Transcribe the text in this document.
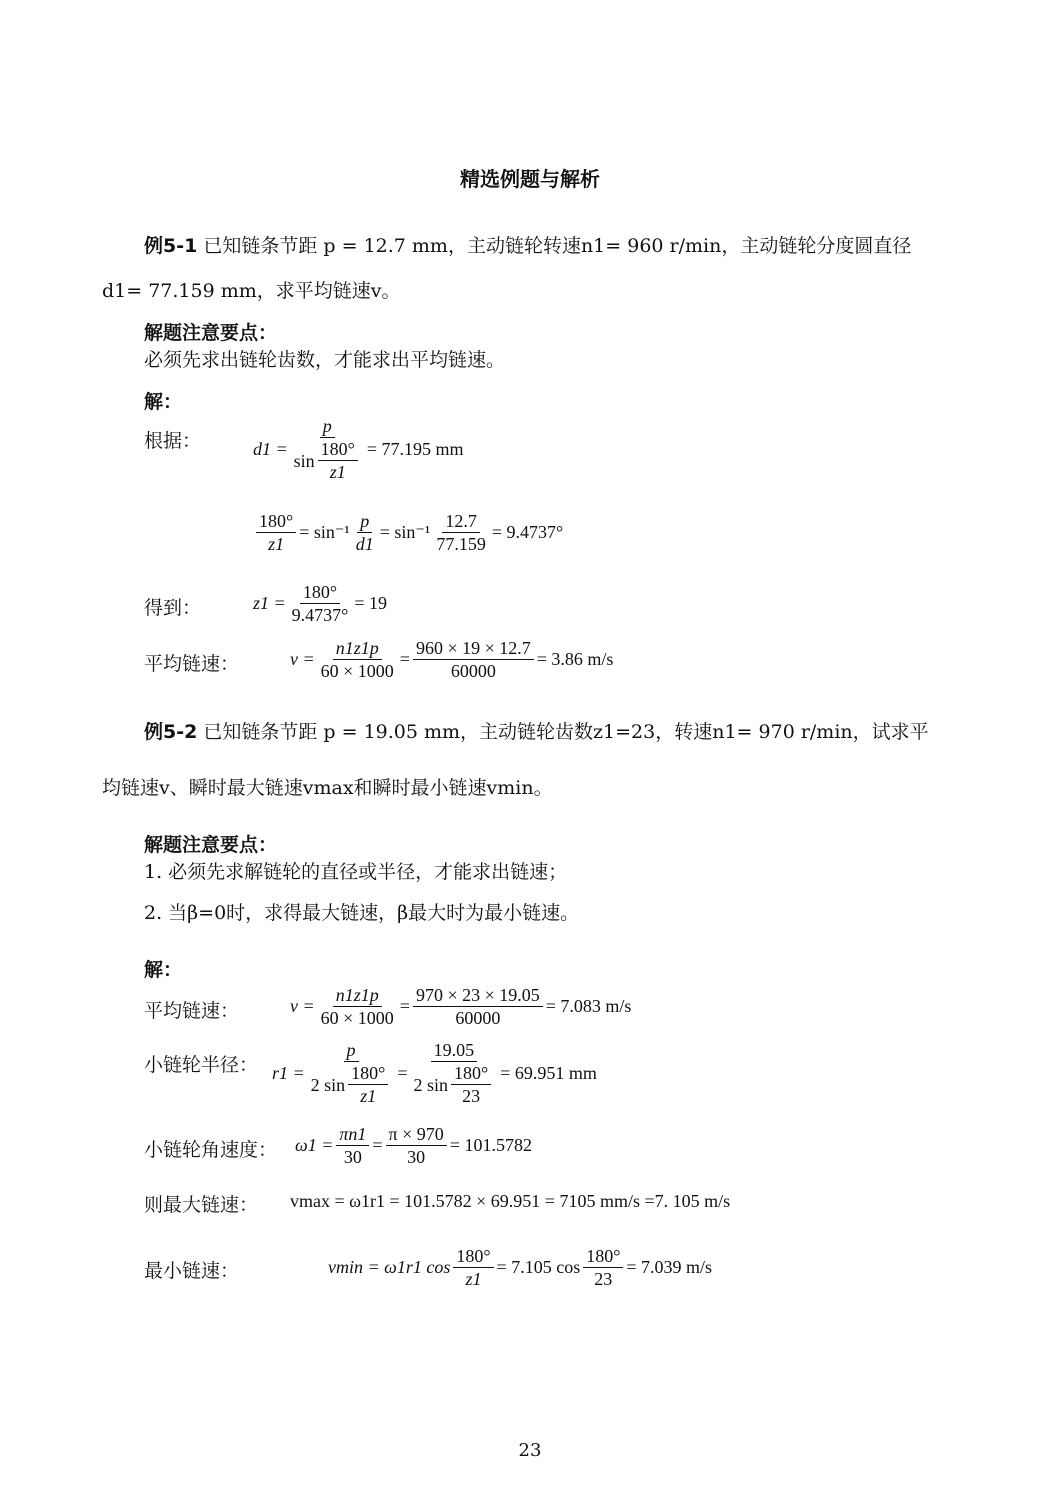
精选例题与解析
例5-1 已知链条节距 p = 12.7 mm，主动链轮转速n1= 960 r/min，主动链轮分度圆直径
d1= 77.159 mm，求平均链速v。
解题注意要点：
必须先求出链轮齿数，才能求出平均链速。
解：
根据：	$d1 = \frac{p}{\sin \frac{180^\circ}{z1}} = 77.195$ mm
$\frac{180^\circ}{z1} = \sin^{-1} \frac{p}{d1} = \sin^{-1} \frac{12.7}{77.159} = 9.4737^\circ$
得到：	$z1 = \frac{180^\circ}{9.4737^\circ} = 19$
平均链速：	$v = \frac{n1z1p}{60 \times 1000} = \frac{960 \times 19 \times 12.7}{60000} = 3.86$ m/s
例5-2 已知链条节距 p = 19.05 mm，主动链轮齿数z1=23，转速n1= 970 r/min，试求平
均链速v、瞬时最大链速vmax和瞬时最小链速vmin。
解题注意要点：
1. 必须先求解链轮的直径或半径，才能求出链速；
2. 当β=0时，求得最大链速，β最大时为最小链速。
解：
平均链速：	$v = \frac{n1z1p}{60 \times 1000} = \frac{970 \times 23 \times 19.05}{60000} = 7.083$ m/s
小链轮半径： $r1 = \frac{p}{2 \sin \frac{180^\circ}{z1}} = \frac{19.05}{2 \sin \frac{180^\circ}{23}} = 69.951$ mm
小链轮角速度： $\omega 1 = \frac{\pi n1}{30} = \frac{\pi \times 970}{30} = 101.5782$
则最大链速： vmax = ω1r1 = 101.5782 × 69.951 = 7105 mm/s =7. 105 m/s
最小链速：	vmin = ω1r1 $\cos \frac{180^\circ}{z1} = 7.105$ $\cos \frac{180^\circ}{23} = 7.039$ m/s
23
